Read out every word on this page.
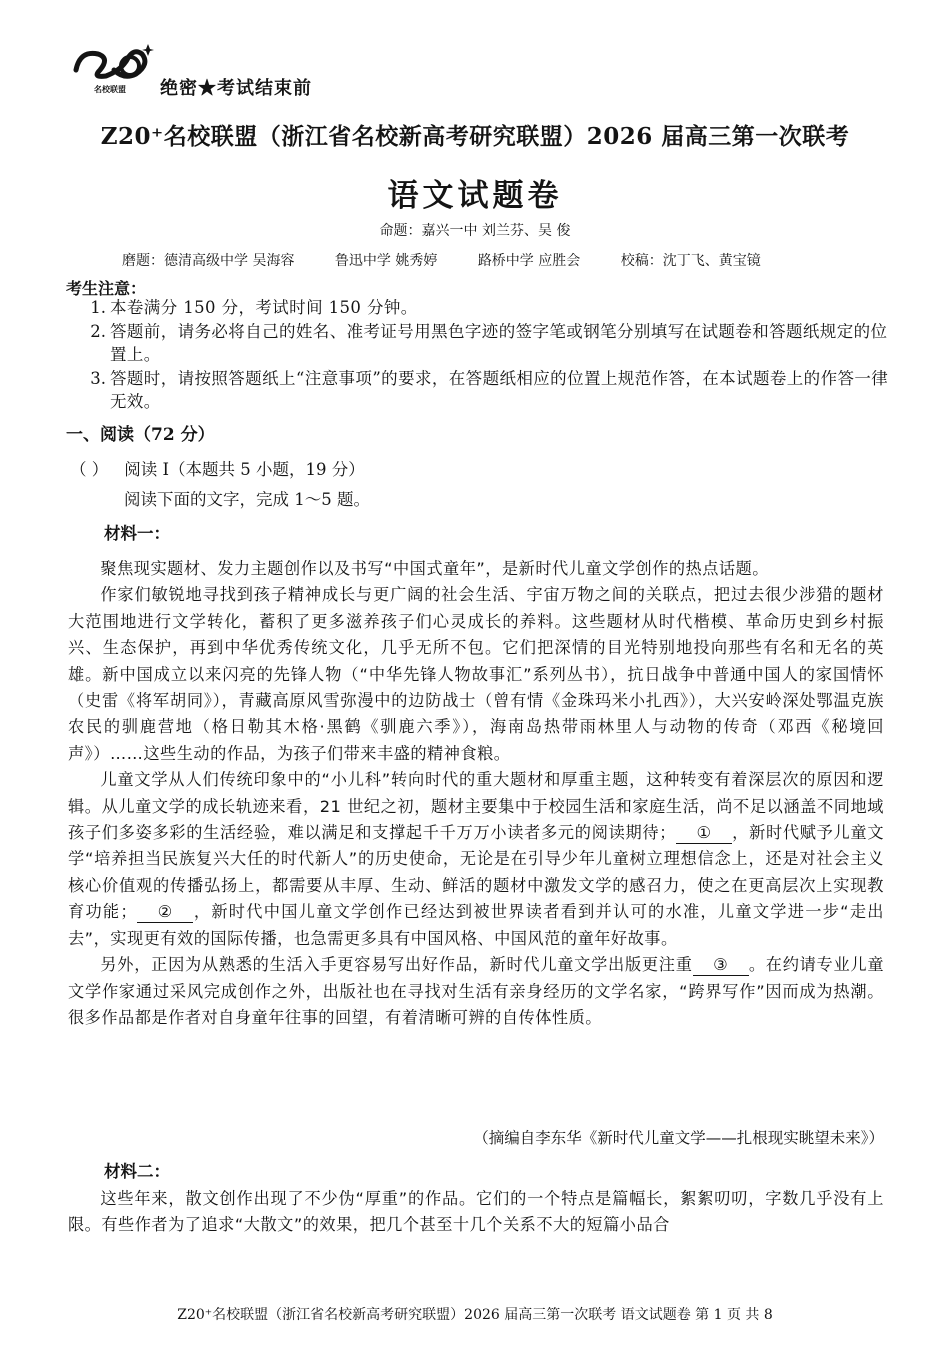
名校联盟	绝密★考试结束前
Z20⁺名校联盟（浙江省名校新高考研究联盟）2026 届高三第一次联考
语文试题卷
命题：嘉兴一中 刘兰芬、吴 俊
磨题：德清高级中学 吴海容	鲁迅中学 姚秀婷	路桥中学 应胜会	校稿：沈丁飞、黄宝镜
考生注意：
1. 本卷满分 150 分，考试时间 150 分钟。
2. 答题前，请务必将自己的姓名、准考证号用黑色字迹的签字笔或钢笔分别填写在试题卷和答题纸规定的位置上。
3. 答题时，请按照答题纸上“注意事项”的要求，在答题纸相应的位置上规范作答，在本试题卷上的作答一律无效。
一、阅读（72 分）
（ ） 阅读 I（本题共 5 小题，19 分）
阅读下面的文字，完成 1～5 题。
材料一：

聚焦现实题材、发力主题创作以及书写“中国式童年”，是新时代儿童文学创作的热点话题。

作家们敏锐地寻找到孩子精神成长与更广阔的社会生活、宇宙万物之间的关联点，把过去很少涉猎的题材大范围地进行文学转化，蓄积了更多滋养孩子们心灵成长的养料。这些题材从时代楷模、革命历史到乡村振兴、生态保护，再到中华优秀传统文化，几乎无所不包。它们把深情的目光特别地投向那些有名和无名的英雄。新中国成立以来闪亮的先锋人物（“中华先锋人物故事汇”系列丛书），抗日战争中普通中国人的家国情怀（史雷《将军胡同》），青藏高原风雪弥漫中的边防战士（曾有情《金珠玛米小扎西》），大兴安岭深处鄂温克族农民的驯鹿营地（格日勒其木格·黑鹤《驯鹿六季》），海南岛热带雨林里人与动物的传奇（邓西《秘境回声》）……这些生动的作品，为孩子们带来丰盛的精神食粮。

儿童文学从人们传统印象中的“小儿科”转向时代的重大题材和厚重主题，这种转变有着深层次的原因和逻辑。从儿童文学的成长轨迹来看，21 世纪之初，题材主要集中于校园生活和家庭生活，尚不足以涵盖不同地域孩子们多姿多彩的生活经验，难以满足和支撑起千千万万小读者多元的阅读期待； ① ，新时代赋予儿童文学“培养担当民族复兴大任的时代新人”的历史使命，无论是在引导少年儿童树立理想信念上，还是对社会主义核心价值观的传播弘扬上，都需要从丰厚、生动、鲜活的题材中激发文学的感召力，使之在更高层次上实现教育功能； ② ，新时代中国儿童文学创作已经达到被世界读者看到并认可的水准，儿童文学进一步“走出去”，实现更有效的国际传播，也急需更多具有中国风格、中国风范的童年好故事。

另外，正因为从熟悉的生活入手更容易写出好作品，新时代儿童文学出版更注重 ③ 。在约请专业儿童文学作家通过采风完成创作之外，出版社也在寻找对生活有亲身经历的文学名家，“跨界写作”因而成为热潮。很多作品都是作者对自身童年往事的回望，有着清晰可辨的自传体性质。

（摘编自李东华《新时代儿童文学——扎根现实眺望未来》）
材料二：

这些年来，散文创作出现了不少伪“厚重”的作品。它们的一个特点是篇幅长，絮絮叨叨，字数几乎没有上限。有些作者为了追求“大散文”的效果，把几个甚至十几个关系不大的短篇小品合

Z20⁺名校联盟（浙江省名校新高考研究联盟）2026 届高三第一次联考 语文试题卷 第 1 页 共 8
